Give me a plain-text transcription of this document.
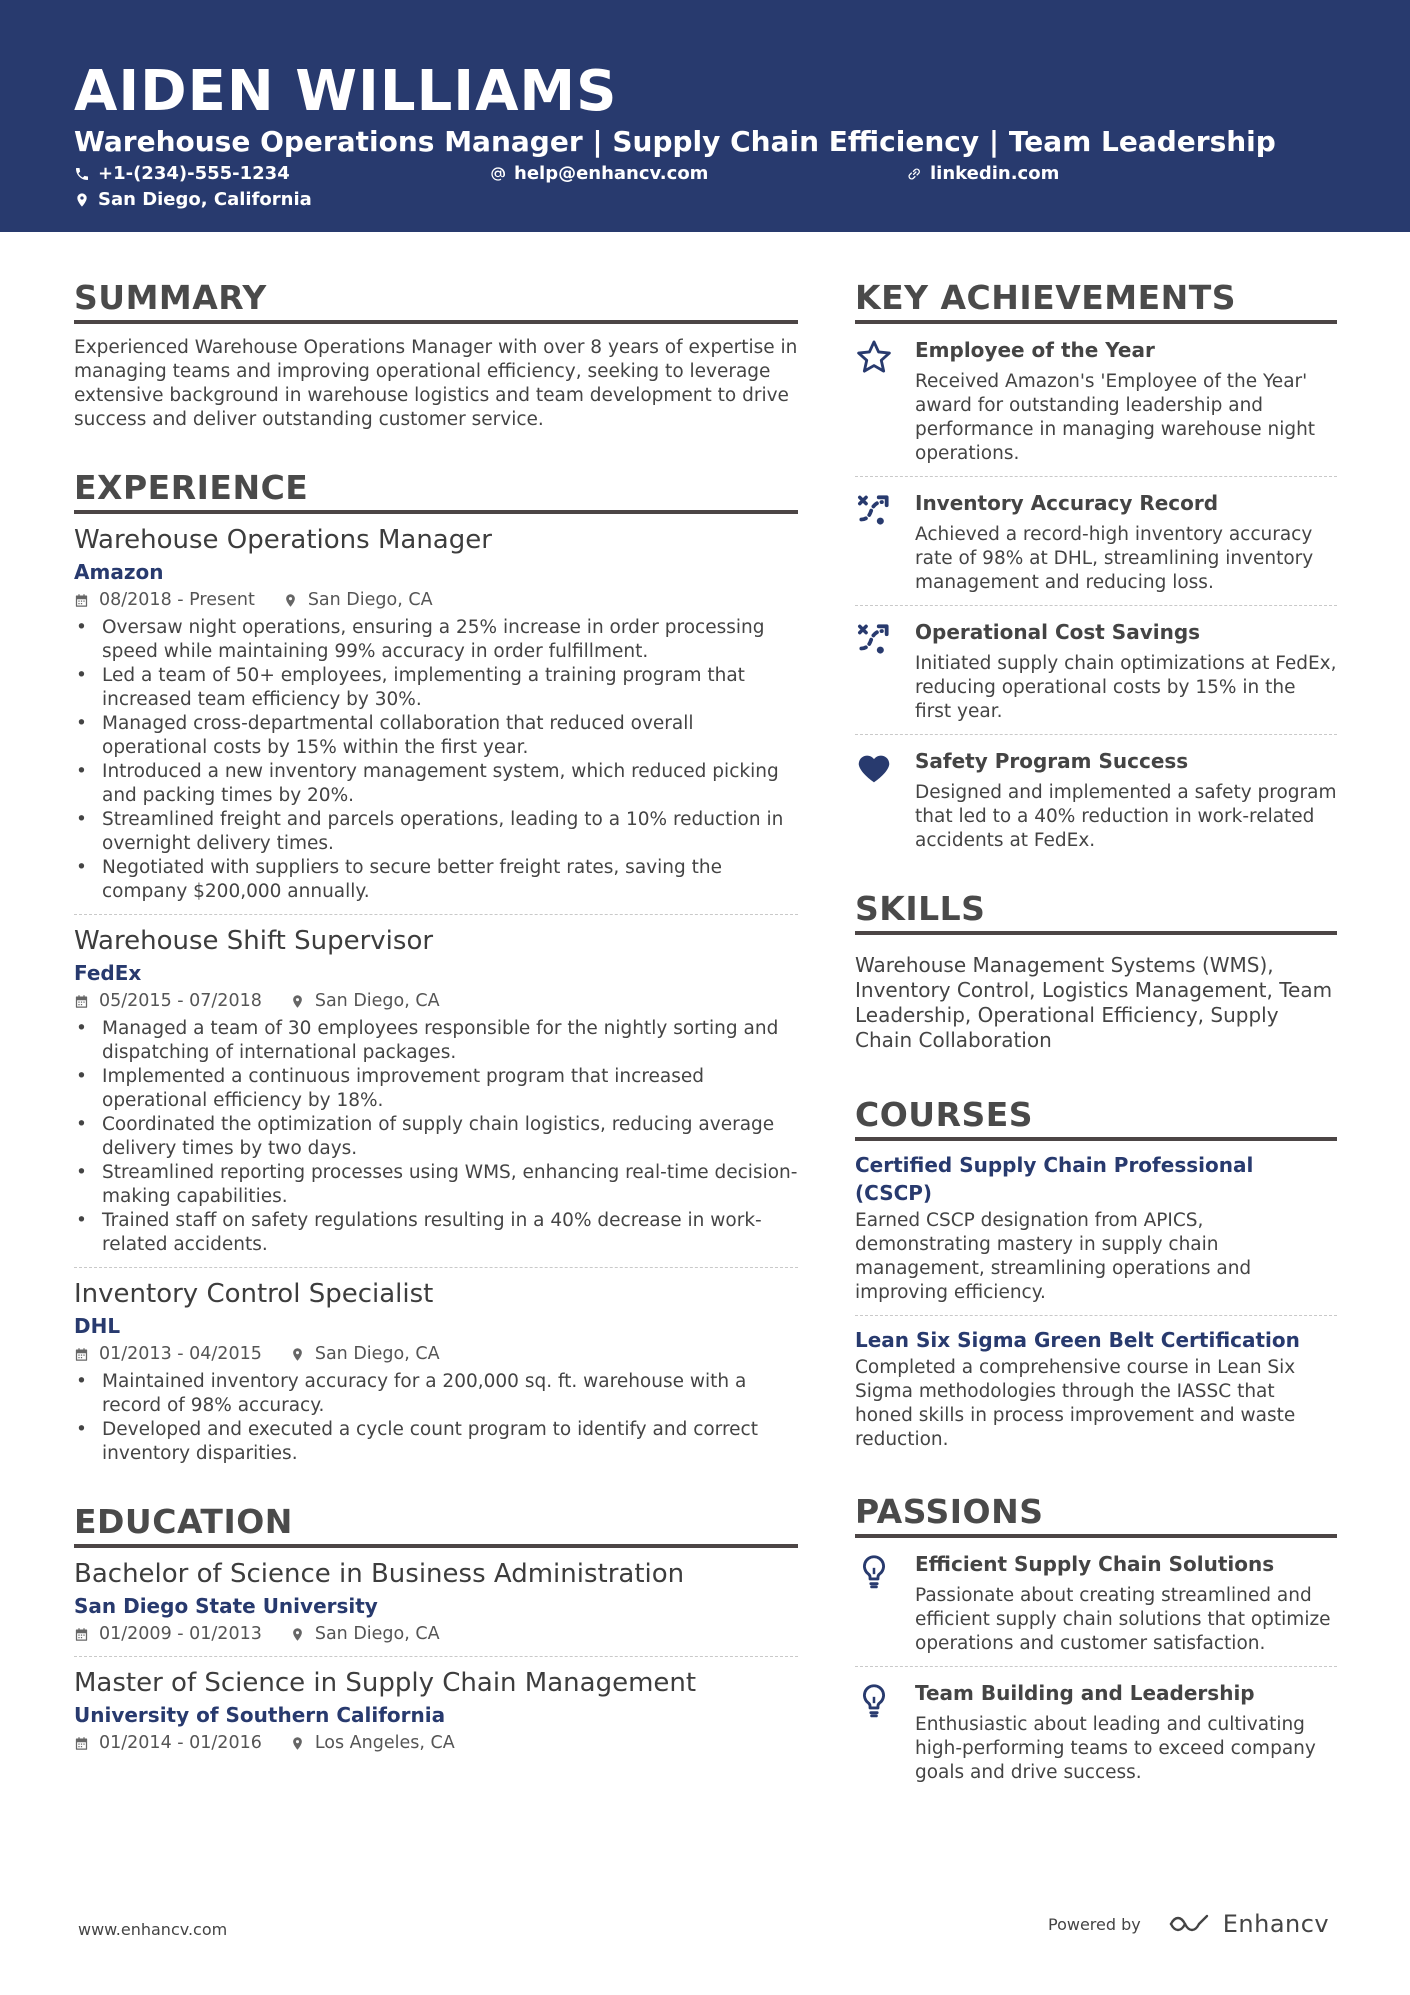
AIDEN WILLIAMS
Warehouse Operations Manager | Supply Chain Efficiency | Team Leadership
+1-(234)-555-1234	help@enhancv.com	linkedin.com
San Diego, California
SUMMARY
Experienced Warehouse Operations Manager with over 8 years of expertise in managing teams and improving operational efficiency, seeking to leverage extensive background in warehouse logistics and team development to drive success and deliver outstanding customer service.
EXPERIENCE
Warehouse Operations Manager
Amazon
08/2018 - Present	San Diego, CA
• Oversaw night operations, ensuring a 25% increase in order processing speed while maintaining 99% accuracy in order fulfillment.
• Led a team of 50+ employees, implementing a training program that increased team efficiency by 30%.
• Managed cross-departmental collaboration that reduced overall operational costs by 15% within the first year.
• Introduced a new inventory management system, which reduced picking and packing times by 20%.
• Streamlined freight and parcels operations, leading to a 10% reduction in overnight delivery times.
• Negotiated with suppliers to secure better freight rates, saving the company $200,000 annually.
Warehouse Shift Supervisor
FedEx
05/2015 - 07/2018	San Diego, CA
• Managed a team of 30 employees responsible for the nightly sorting and dispatching of international packages.
• Implemented a continuous improvement program that increased operational efficiency by 18%.
• Coordinated the optimization of supply chain logistics, reducing average delivery times by two days.
• Streamlined reporting processes using WMS, enhancing real-time decision-making capabilities.
• Trained staff on safety regulations resulting in a 40% decrease in work-related accidents.
Inventory Control Specialist
DHL
01/2013 - 04/2015	San Diego, CA
• Maintained inventory accuracy for a 200,000 sq. ft. warehouse with a record of 98% accuracy.
• Developed and executed a cycle count program to identify and correct inventory disparities.
EDUCATION
Bachelor of Science in Business Administration
San Diego State University
01/2009 - 01/2013	San Diego, CA
Master of Science in Supply Chain Management
University of Southern California
01/2014 - 01/2016	Los Angeles, CA
KEY ACHIEVEMENTS
Employee of the Year
Received Amazon's 'Employee of the Year' award for outstanding leadership and performance in managing warehouse night operations.
Inventory Accuracy Record
Achieved a record-high inventory accuracy rate of 98% at DHL, streamlining inventory management and reducing loss.
Operational Cost Savings
Initiated supply chain optimizations at FedEx, reducing operational costs by 15% in the first year.
Safety Program Success
Designed and implemented a safety program that led to a 40% reduction in work-related accidents at FedEx.
SKILLS
Warehouse Management Systems (WMS), Inventory Control, Logistics Management, Team Leadership, Operational Efficiency, Supply Chain Collaboration
COURSES
Certified Supply Chain Professional (CSCP)
Earned CSCP designation from APICS, demonstrating mastery in supply chain management, streamlining operations and improving efficiency.
Lean Six Sigma Green Belt Certification
Completed a comprehensive course in Lean Six Sigma methodologies through the IASSC that honed skills in process improvement and waste reduction.
PASSIONS
Efficient Supply Chain Solutions
Passionate about creating streamlined and efficient supply chain solutions that optimize operations and customer satisfaction.
Team Building and Leadership
Enthusiastic about leading and cultivating high-performing teams to exceed company goals and drive success.
www.enhancv.com	Powered by	Enhancv
